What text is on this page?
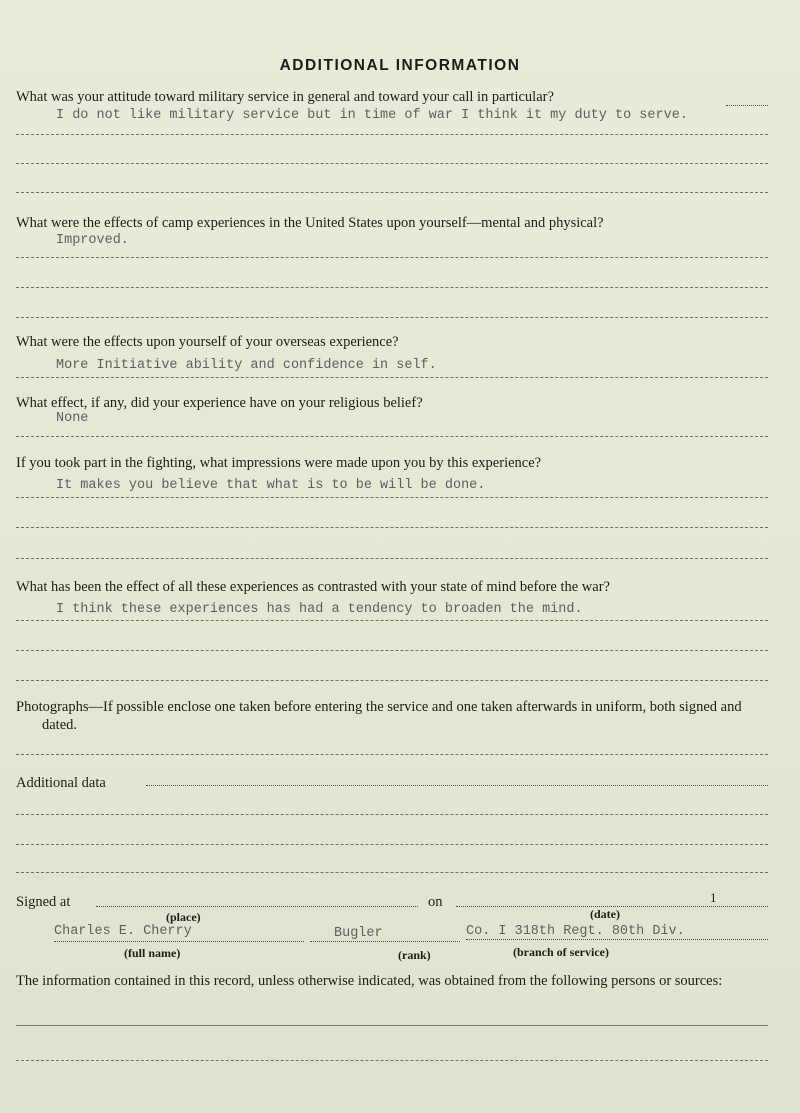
ADDITIONAL INFORMATION
What was your attitude toward military service in general and toward your call in particular?
I do not like military service but in time of war I think it my duty to serve.
What were the effects of camp experiences in the United States upon yourself—mental and physical?
Improved.
What were the effects upon yourself of your overseas experience?
More Initiative ability and confidence in self.
What effect, if any, did your experience have on your religious belief?
None
If you took part in the fighting, what impressions were made upon you by this experience?
It makes you believe that what is to be will be done.
What has been the effect of all these experiences as contrasted with your state of mind before the war?
I think these experiences has had a tendency to broaden the mind.
Photographs—If possible enclose one taken before entering the service and one taken afterwards in uniform, both signed and dated.
Additional data
Signed at	on	1
(place)	(date)
Charles E. Cherry	Bugler	Co. I 318th Regt. 80th Div.
(full name)	(rank)	(branch of service)
The information contained in this record, unless otherwise indicated, was obtained from the following persons or sources:
